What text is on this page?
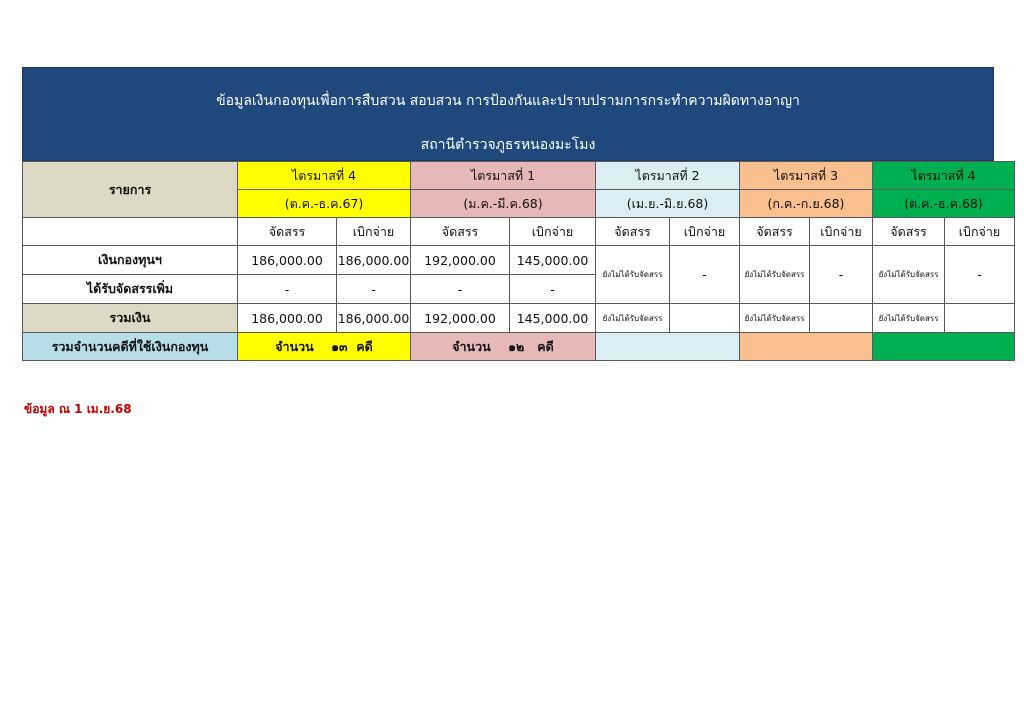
ข้อมูลเงินกองทุนเพื่อการสืบสวน สอบสวน การป้องกันและปราบปรามการกระทำความผิดทางอาญา
สถานีตำรวจภูธรหนองมะโมง
รายการ	ไตรมาสที่ 4		ไตรมาสที่ 1		ไตรมาสที่ 2		ไตรมาสที่ 3		ไตรมาสที่ 4	
	(ต.ค.-ธ.ค.67)		(ม.ค.-มี.ค.68)		(เม.ย.-มิ.ย.68)		(ก.ค.-ก.ย.68)		(ต.ค.-ธ.ค.68)	
	จัดสรร	เบิกจ่าย	จัดสรร	เบิกจ่าย	จัดสรร	เบิกจ่าย	จัดสรร	เบิกจ่าย	จัดสรร	เบิกจ่าย
เงินกองทุนฯ	186,000.00	186,000.00	192,000.00	145,000.00	ยังไม่ได้รับจัดสรร	-	ยังไม่ได้รับจัดสรร	-	ยังไม่ได้รับจัดสรร	-
ได้รับจัดสรรเพิ่ม	-	-	-	-						
รวมเงิน	186,000.00	186,000.00	192,000.00	145,000.00	ยังไม่ได้รับจัดสรร		ยังไม่ได้รับจัดสรร		ยังไม่ได้รับจัดสรร	
รวมจำนวนคดีที่ใช้เงินกองทุน	จำนวน    ๑๓  คดี		จำนวน    ๑๒   คดี							
ข้อมูล ณ 1 เม.ย.68
